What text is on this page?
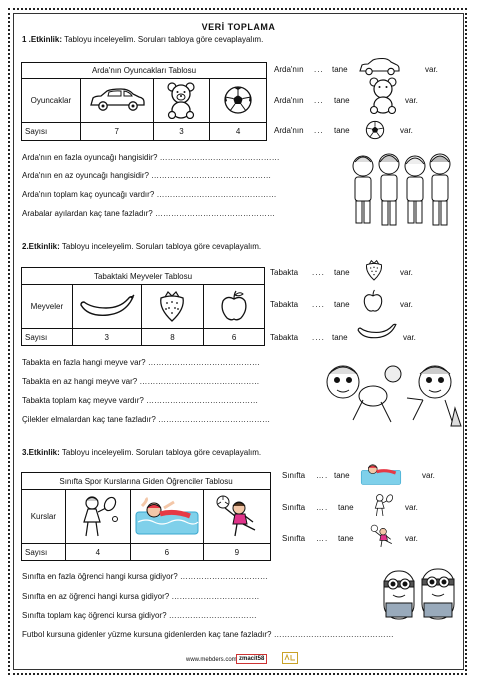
VERİ TOPLAMA
1 .Etkinlik: Tabloyu inceleyelim. Soruları tabloya göre cevaplayalım.
Arda'nın Oyuncakları Tablosu			
Oyuncaklar			
Sayısı	7	3	4
Arda'nın ... tane	var.
Arda'nın ... tane	var.
Arda'nın ... tane	var.
Arda'nın en fazla oyuncağı hangisidir? ………………………………………
Arda'nın en az oyuncağı hangisidir? ………………………………………
Arda'nın toplam kaç oyuncağı vardır? ………………………………………
Arabalar ayılardan kaç tane fazladır? ………………………………………
2.Etkinlik: Tabloyu inceleyelim. Soruları tabloya göre cevaplayalım.
Tabaktaki Meyveler Tablosu			
Meyveler			
Sayısı	3	8	6
Tabakta .... tane	var.
Tabakta .... tane	var.
Tabakta .... tane	var.
Tabakta en fazla hangi meyve var? ……………………………………
Tabakta en az hangi meyve var? ………………………………………
Tabakta toplam kaç meyve vardır? ……………………………………
Çilekler elmalardan kaç tane fazladır? ……………………………………
3.Etkinlik: Tabloyu inceleyelim. Soruları tabloya göre cevaplayalım.
Sınıfta Spor Kurslarına Giden Öğrenciler Tablosu			
Kurslar			
Sayısı	4	6	9
Sınıfta …. tane	var.
Sınıfta …. tane	var.
Sınıfta …. tane	var.
Sınıfta en fazla öğrenci hangi kursa gidiyor? ……………………………
Sınıfta en az öğrenci hangi kursa gidiyor? ……………………………
Sınıfta toplam kaç öğrenci kursa gidiyor? ……………………………
Futbol kursuna gidenler yüzme kursuna gidenlerden kaç tane fazladır? ………………………………………
www.mebders.com zmacit58
